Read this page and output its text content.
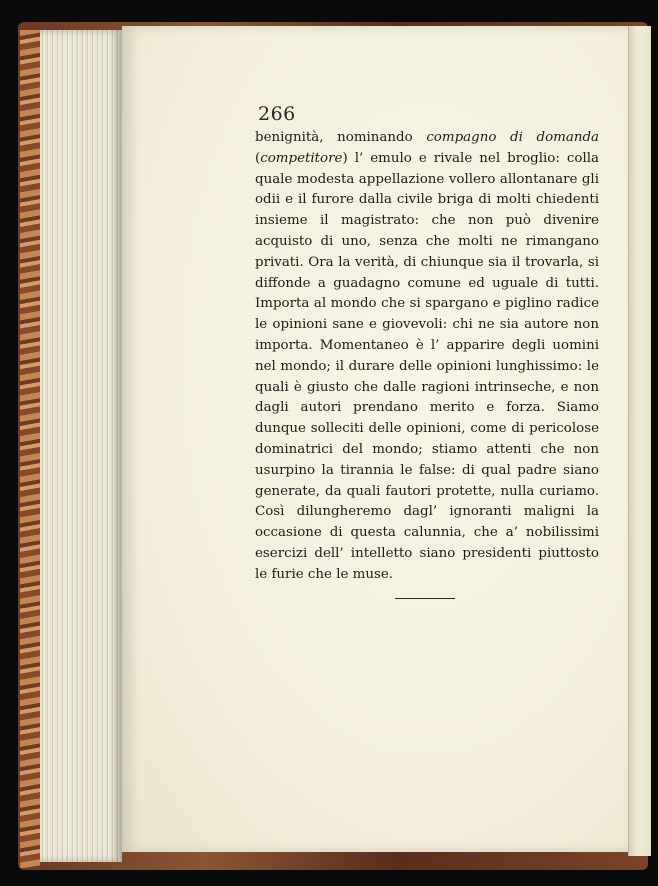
266

benignità, nominando compagno di domanda (competitore) l’ emulo e rivale nel broglio: colla quale modesta appellazione vollero allontanare gli odii e il furore dalla civile briga di molti chiedenti insieme il magistrato: che non può divenire acquisto di uno, senza che molti ne rimangano privati. Ora la verità, di chiunque sia il trovarla, si diffonde a guadagno comune ed uguale di tutti. Importa al mondo che si spargano e piglino radice le opinioni sane e giovevoli: chi ne sia autore non importa. Momentaneo è l’ apparire degli uomini nel mondo; il durare delle opinioni lunghissimo: le quali è giusto che dalle ragioni intrinseche, e non dagli autori prendano merito e forza. Siamo dunque solleciti delle opinioni, come di pericolose dominatrici del mondo; stiamo attenti che non usurpino la tirannia le false: di qual padre siano generate, da quali fautori protette, nulla curiamo. Così dilungheremo dagl’ ignoranti maligni la occasione di questa calunnia, che a’ nobilissimi esercizi dell’ intelletto siano presidenti piuttosto le furie che le muse.
